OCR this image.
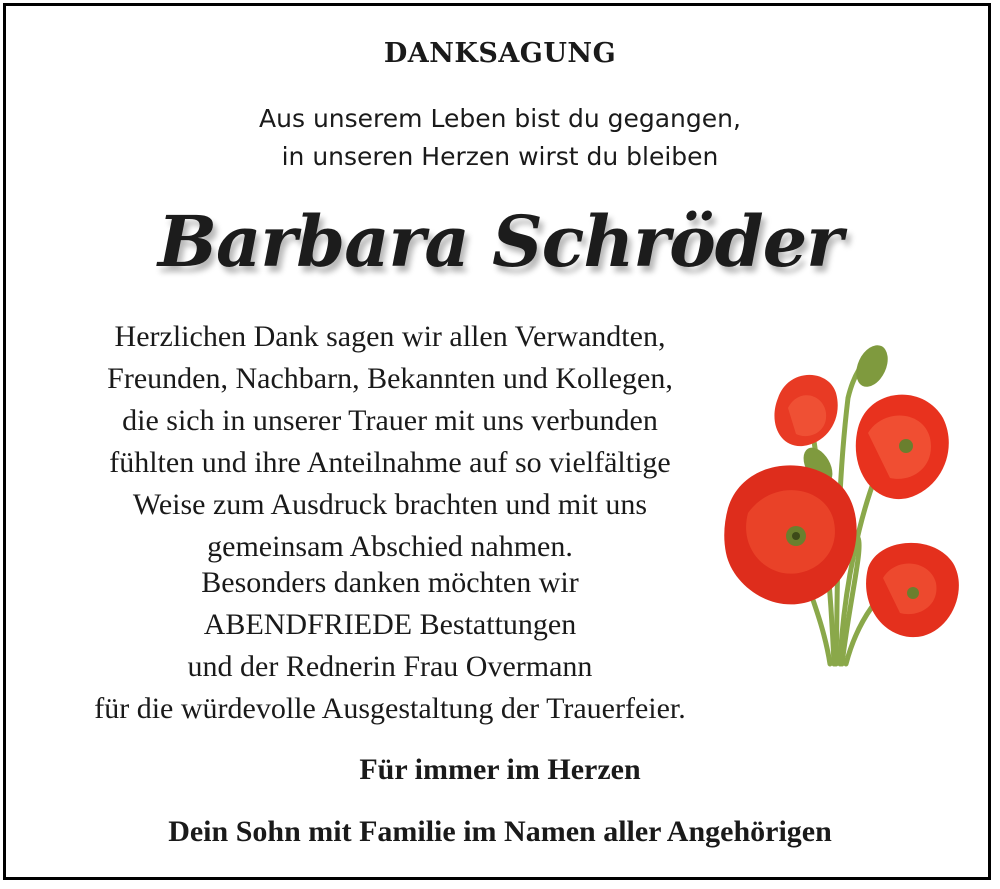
DANKSAGUNG
Aus unserem Leben bist du gegangen,
in unseren Herzen wirst du bleiben
Barbara Schröder
Herzlichen Dank sagen wir allen Verwandten,
Freunden, Nachbarn, Bekannten und Kollegen,
die sich in unserer Trauer mit uns verbunden
fühlten und ihre Anteilnahme auf so vielfältige
Weise zum Ausdruck brachten und mit uns
gemeinsam Abschied nahmen.
Besonders danken möchten wir
ABENDFRIEDE Bestattungen
und der Rednerin Frau Overmann
für die würdevolle Ausgestaltung der Trauerfeier.
Für immer im Herzen
Dein Sohn mit Familie im Namen aller Angehörigen
